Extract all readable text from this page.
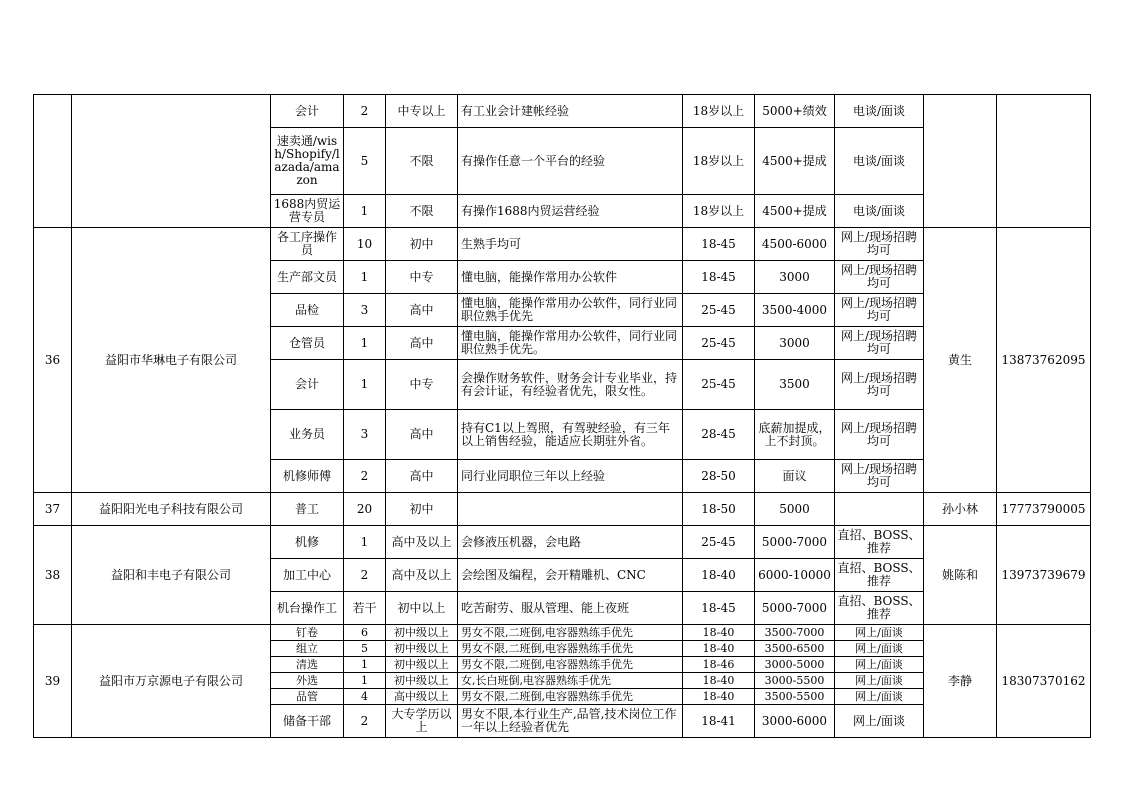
		会计	2	中专以上	有工业会计建帐经验	18岁以上	5000+绩效	电谈/面谈		
		速卖通/wish/Shopify/lazada/amazon	5	不限	有操作任意一个平台的经验	18岁以上	4500+提成	电谈/面谈		
		1688内贸运营专员	1	不限	有操作1688内贸运营经验	18岁以上	4500+提成	电谈/面谈		
36	益阳市华琳电子有限公司	各工序操作员	10	初中	生熟手均可	18-45	4500-6000	网上/现场招聘均可	黄生	13873762095
		生产部文员	1	中专	懂电脑，能操作常用办公软件	18-45	3000	网上/现场招聘均可		
		品检	3	高中	懂电脑，能操作常用办公软件，同行业同职位熟手优先	25-45	3500-4000	网上/现场招聘均可		
		仓管员	1	高中	懂电脑，能操作常用办公软件，同行业同职位熟手优先。	25-45	3000	网上/现场招聘均可		
		会计	1	中专	会操作财务软件，财务会计专业毕业，持有会计证，有经验者优先，限女性。	25-45	3500	网上/现场招聘均可		
		业务员	3	高中	持有C1以上驾照，有驾驶经验，有三年以上销售经验，能适应长期驻外省。	28-45	底薪加提成，上不封顶。	网上/现场招聘均可		
		机修师傅	2	高中	同行业同职位三年以上经验	28-50	面议	网上/现场招聘均可		
37	益阳阳光电子科技有限公司	普工	20	初中		18-50	5000		孙小林	17773790005
38	益阳和丰电子有限公司	机修	1	高中及以上	会修液压机器，会电路	25-45	5000-7000	直招、BOSS、推荐	姚陈和	13973739679
		加工中心	2	高中及以上	会绘图及编程，会开精雕机、CNC	18-40	6000-10000	直招、BOSS、推荐		
		机台操作工	若干	初中以上	吃苦耐劳、服从管理、能上夜班	18-45	5000-7000	直招、BOSS、推荐		
39	益阳市万京源电子有限公司	钉卷	6	初中级以上	男女不限,二班倒,电容器熟练手优先	18-40	3500-7000	网上/面谈	李静	18307370162
		组立	5	初中级以上	男女不限,二班倒,电容器熟练手优先	18-40	3500-6500	网上/面谈		
		清选	1	初中级以上	男女不限,二班倒,电容器熟练手优先	18-46	3000-5000	网上/面谈		
		外选	1	初中级以上	女,长白班倒,电容器熟练手优先	18-40	3000-5500	网上/面谈		
		品管	4	高中级以上	男女不限,二班倒,电容器熟练手优先	18-40	3500-5500	网上/面谈		
		储备干部	2	大专学历以上	男女不限,本行业生产,品管,技术岗位工作一年以上经验者优先	18-41	3000-6000	网上/面谈		
